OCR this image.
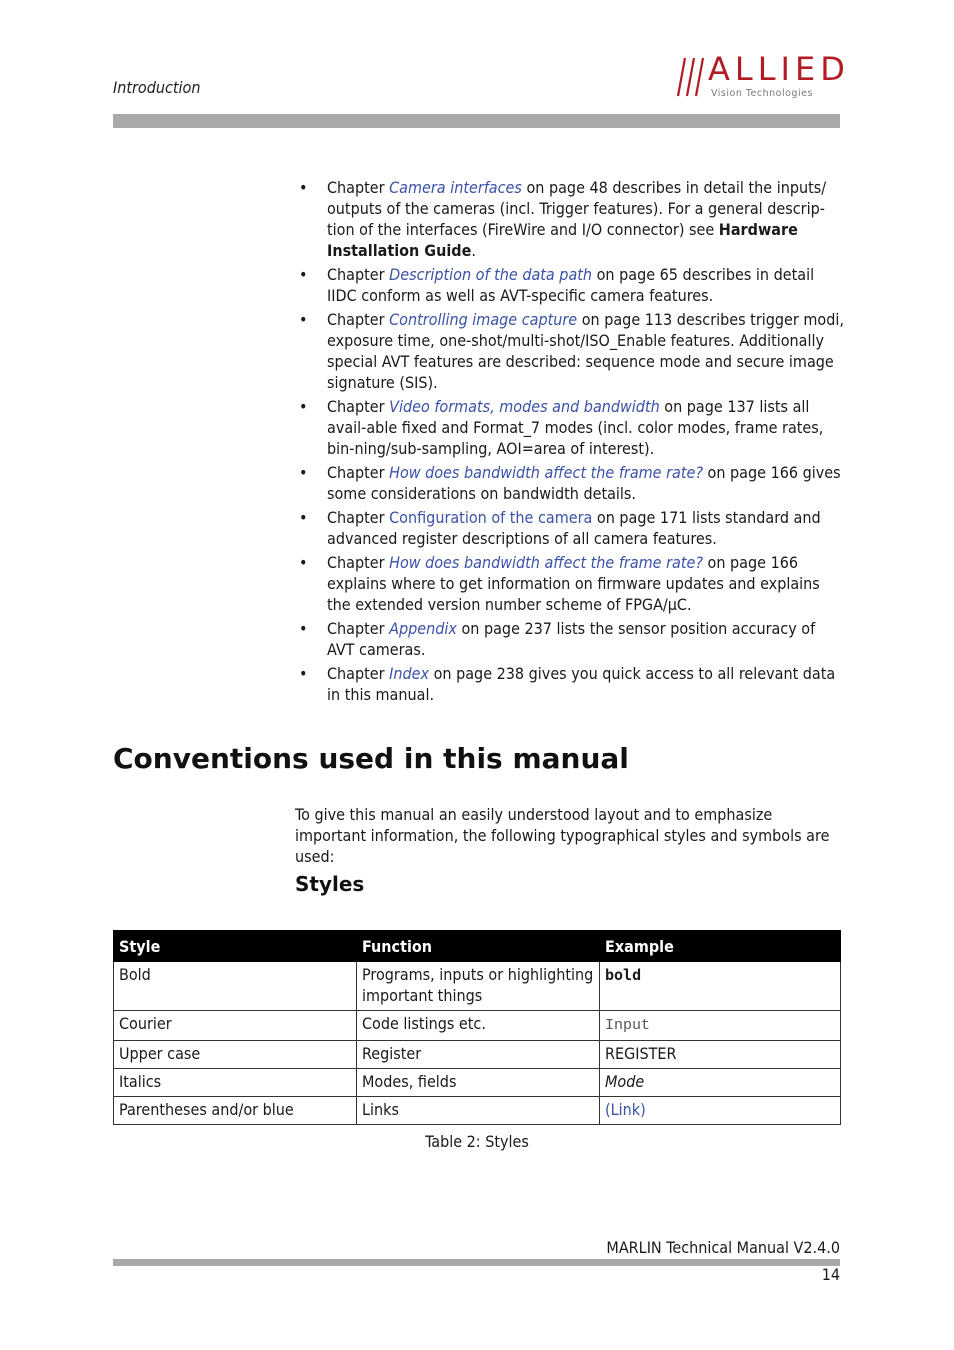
Introduction	ALLIED
Vision Technologies
• Chapter Camera interfaces on page 48 describes in detail the inputs/ outputs of the cameras (incl. Trigger features). For a general descrip-tion of the interfaces (FireWire and I/O connector) see Hardware Installation Guide.
• Chapter Description of the data path on page 65 describes in detail IIDC conform as well as AVT-specific camera features.
• Chapter Controlling image capture on page 113 describes trigger modi, exposure time, one-shot/multi-shot/ISO_Enable features. Additionally special AVT features are described: sequence mode and secure image signature (SIS).
• Chapter Video formats, modes and bandwidth on page 137 lists all avail-able fixed and Format_7 modes (incl. color modes, frame rates, bin-ning/sub-sampling, AOI=area of interest).
• Chapter How does bandwidth affect the frame rate? on page 166 gives some considerations on bandwidth details.
• Chapter Configuration of the camera on page 171 lists standard and advanced register descriptions of all camera features.
• Chapter How does bandwidth affect the frame rate? on page 166 explains where to get information on firmware updates and explains the extended version number scheme of FPGA/µC.
• Chapter Appendix on page 237 lists the sensor position accuracy of AVT cameras.
• Chapter Index on page 238 gives you quick access to all relevant data in this manual.
Conventions used in this manual

To give this manual an easily understood layout and to emphasize important information, the following typographical styles and symbols are used:

Styles
Style	Function	Example
Bold	Programs, inputs or highlighting important things	bold
Courier	Code listings etc.	Input
Upper case	Register	REGISTER
Italics	Modes, fields	Mode
Parentheses and/or blue	Links	(Link)
Table 2: Styles
MARLIN Technical Manual V2.4.0
14
